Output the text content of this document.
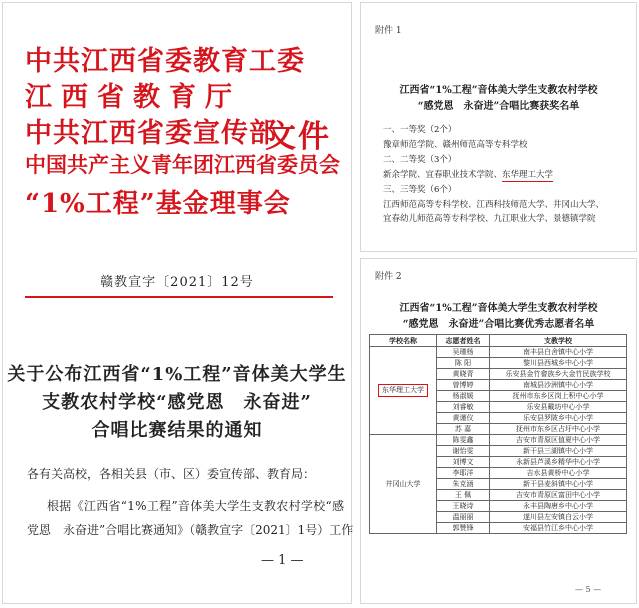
中共江西省委教育工委
江西省教育厅
中共江西省委宣传部
中国共产主义青年团江西省委员会
“1%工程”基金理事会
文件
赣教宣字〔2021〕12号
关于公布江西省“1%工程”音体美大学生
支教农村学校“感党恩　永奋进”
合唱比赛结果的通知
各有关高校，各相关县（市、区）委宣传部、教育局：
根据《江西省“1%工程”音体美大学生支教农村学校“感
党恩　永奋进”合唱比赛通知》（赣教宣字〔2021〕1号）工作
— 1 —
附件 1
江西省“1%工程”音体美大学生支教农村学校
“感党恩　永奋进”合唱比赛获奖名单
一、一等奖（2个）
豫章师范学院、赣州师范高等专科学校
二、二等奖（3个）
新余学院、宜春职业技术学院、东华理工大学
三、三等奖（6个）
江西师范高等专科学校、江西科技师范大学、井冈山大学、
宜春幼儿师范高等专科学校、九江职业大学、景德镇学院
附件 2
江西省“1%工程”音体美大学生支教农村学校
“感党恩　永奋进”合唱比赛优秀志愿者名单
学校名称	志愿者姓名	支教学校
东华理工大学	吴瑾杨	南丰县白舍镇中心小学
	陈 阳	黎川县西城乡中心小学
	黄晓青	乐安县金竹畲族乡大金竹民族学校
	曾博婷	南城县沙洲镇中心小学
	杨淑媛	抚州市东乡区岗上积中心小学
	刘睿敏	乐安县戴坊中心小学
	黄谨仪	乐安县罗陂乡中心小学
	苏 嘉	抚州市东乡区占圩中心小学
井冈山大学	陈雯鑫	吉安市青原区值夏中心小学
	谢怡雯	新干县三湖镇中心小学
	刘博文	永新县芦溪乡精华中心小学
	李耶洋	吉水县黄桥中心小学
	朱克涵	新干县麦斜镇中心小学
	王 佩	吉安市青原区富田中心小学
	王晓诗	永丰县陶唐乡中心小学
	温丽丽	遂川县左安镇白云小学
	郭赞锋	安福县竹江乡中心小学
— 5 —
